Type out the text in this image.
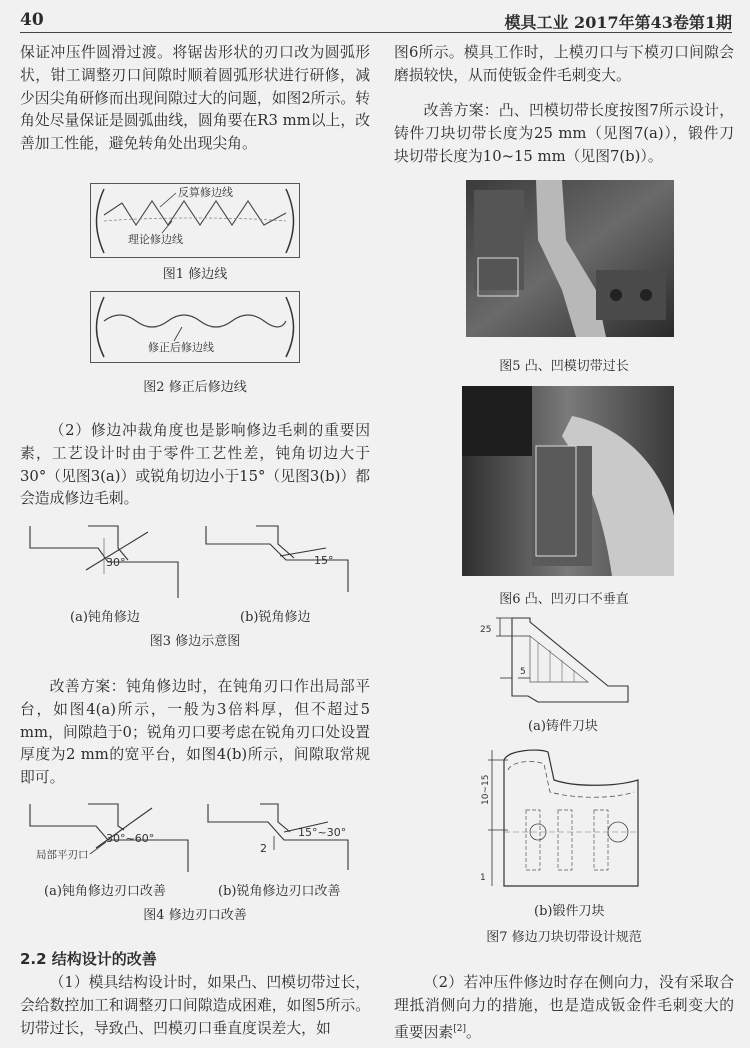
40	模具工业 2017年第43卷第1期

保证冲压件圆滑过渡。将锯齿形状的刃口改为圆弧形状，钳工调整刃口间隙时顺着圆弧形状进行研修，减少因尖角研修而出现间隙过大的问题，如图2所示。转角处尽量保证是圆弧曲线，圆角要在R3 mm以上，改善加工性能，避免转角处出现尖角。

反算修边线
理论修边线
图1 修边线
修正后修边线
图2 修正后修边线

（2）修边冲裁角度也是影响修边毛刺的重要因素，工艺设计时由于零件工艺性差，钝角切边大于30°（见图3(a)）或锐角切边小于15°（见图3(b)）都会造成修边毛刺。

30°	15°
(a)钝角修边	(b)锐角修边
图3 修边示意图

改善方案：钝角修边时，在钝角刃口作出局部平台，如图4(a)所示，一般为3倍料厚，但不超过5 mm，间隙趋于0；锐角刃口要考虑在锐角刃口处设置厚度为2 mm的宽平台，如图4(b)所示，间隙取常规即可。

30°~60°
局部平刃口
15°~30°
2
(a)钝角修边刃口改善	(b)锐角修边刃口改善
图4 修边刃口改善
2.2 结构设计的改善

（1）模具结构设计时，如果凸、凹模切带过长，会给数控加工和调整刃口间隙造成困难，如图5所示。切带过长，导致凸、凹模刃口垂直度误差大，如

图6所示。模具工作时，上模刃口与下模刃口间隙会磨损较快，从而使钣金件毛刺变大。

改善方案：凸、凹模切带长度按图7所示设计，铸件刀块切带长度为25 mm（见图7(a)），锻件刀块切带长度为10~15 mm（见图7(b)）。

图5 凸、凹模切带过长
图6 凸、凹刃口不垂直
25
5
(a)铸件刀块
10~15
1
(b)锻件刀块
图7 修边刀块切带设计规范

（2）若冲压件修边时存在侧向力，没有采取合理抵消侧向力的措施，也是造成钣金件毛刺变大的重要因素[2]。
